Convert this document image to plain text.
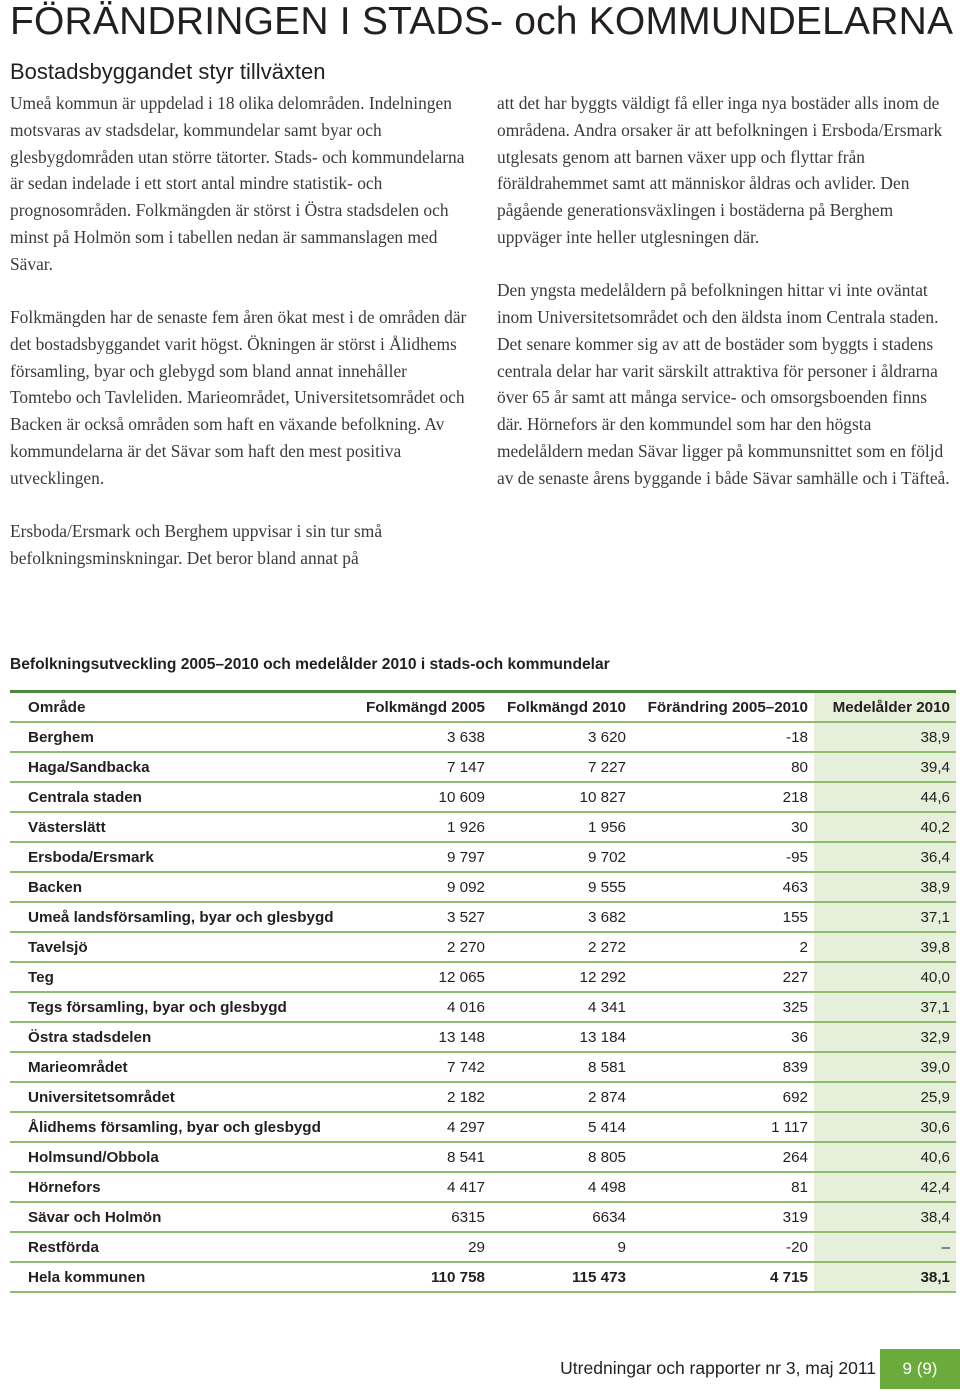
FÖRÄNDRINGEN I STADS- och KOMMUNDELARNA
Bostadsbyggandet styr tillväxten

Umeå kommun är uppdelad i 18 olika delområden. Indelningen motsvaras av stadsdelar, kommundelar samt byar och glesbygdområden utan större tätorter. Stads- och kommundelarna är sedan indelade i ett stort antal mindre statistik- och prognosområden. Folkmängden är störst i Östra stadsdelen och minst på Holmön som i tabellen nedan är sammanslagen med Sävar.

Folkmängden har de senaste fem åren ökat mest i de områden där det bostadsbyggandet varit högst. Ökningen är störst i Ålidhems församling, byar och glebygd som bland annat innehåller Tomtebo och Tavleliden. Marieområdet, Universitetsområdet och Backen är också områden som haft en växande befolkning. Av kommundelarna är det Sävar som haft den mest positiva utvecklingen.

Ersboda/Ersmark och Berghem uppvisar i sin tur små befolkningsminskningar. Det beror bland annat på

att det har byggts väldigt få eller inga nya bostäder alls inom de områdena. Andra orsaker är att befolkningen i Ersboda/Ersmark utglesats genom att barnen växer upp och flyttar från föräldrahemmet samt att människor åldras och avlider. Den pågående generationsväxlingen i bostäderna på Berghem uppväger inte heller utglesningen där.

Den yngsta medelåldern på befolkningen hittar vi inte oväntat inom Universitetsområdet och den äldsta inom Centrala staden. Det senare kommer sig av att de bostäder som byggts i stadens centrala delar har varit särskilt attraktiva för personer i åldrarna över 65 år samt att många service- och omsorgsboenden finns där. Hörnefors är den kommundel som har den högsta medelåldern medan Sävar ligger på kommunsnittet som en följd av de senaste årens byggande i både Sävar samhälle och i Täfteå.

Befolkningsutveckling 2005–2010 och medelålder 2010 i stads-och kommundelar
Område	Folkmängd 2005	Folkmängd 2010	Förändring 2005–2010	Medelålder 2010
Berghem	3 638	3 620	-18	38,9
Haga/Sandbacka	7 147	7 227	80	39,4
Centrala staden	10 609	10 827	218	44,6
Västerslätt	1 926	1 956	30	40,2
Ersboda/Ersmark	9 797	9 702	-95	36,4
Backen	9 092	9 555	463	38,9
Umeå landsförsamling, byar och glesbygd	3 527	3 682	155	37,1
Tavelsjö	2 270	2 272	2	39,8
Teg	12 065	12 292	227	40,0
Tegs församling, byar och glesbygd	4 016	4 341	325	37,1
Östra stadsdelen	13 148	13 184	36	32,9
Marieområdet	7 742	8 581	839	39,0
Universitetsområdet	2 182	2 874	692	25,9
Ålidhems församling, byar och glesbygd	4 297	5 414	1 117	30,6
Holmsund/Obbola	8 541	8 805	264	40,6
Hörnefors	4 417	4 498	81	42,4
Sävar och Holmön	6315	6634	319	38,4
Restförda	29	9	-20	–
Hela kommunen	110 758	115 473	4 715	38,1
Utredningar och rapporter nr 3, maj 2011	9 (9)
